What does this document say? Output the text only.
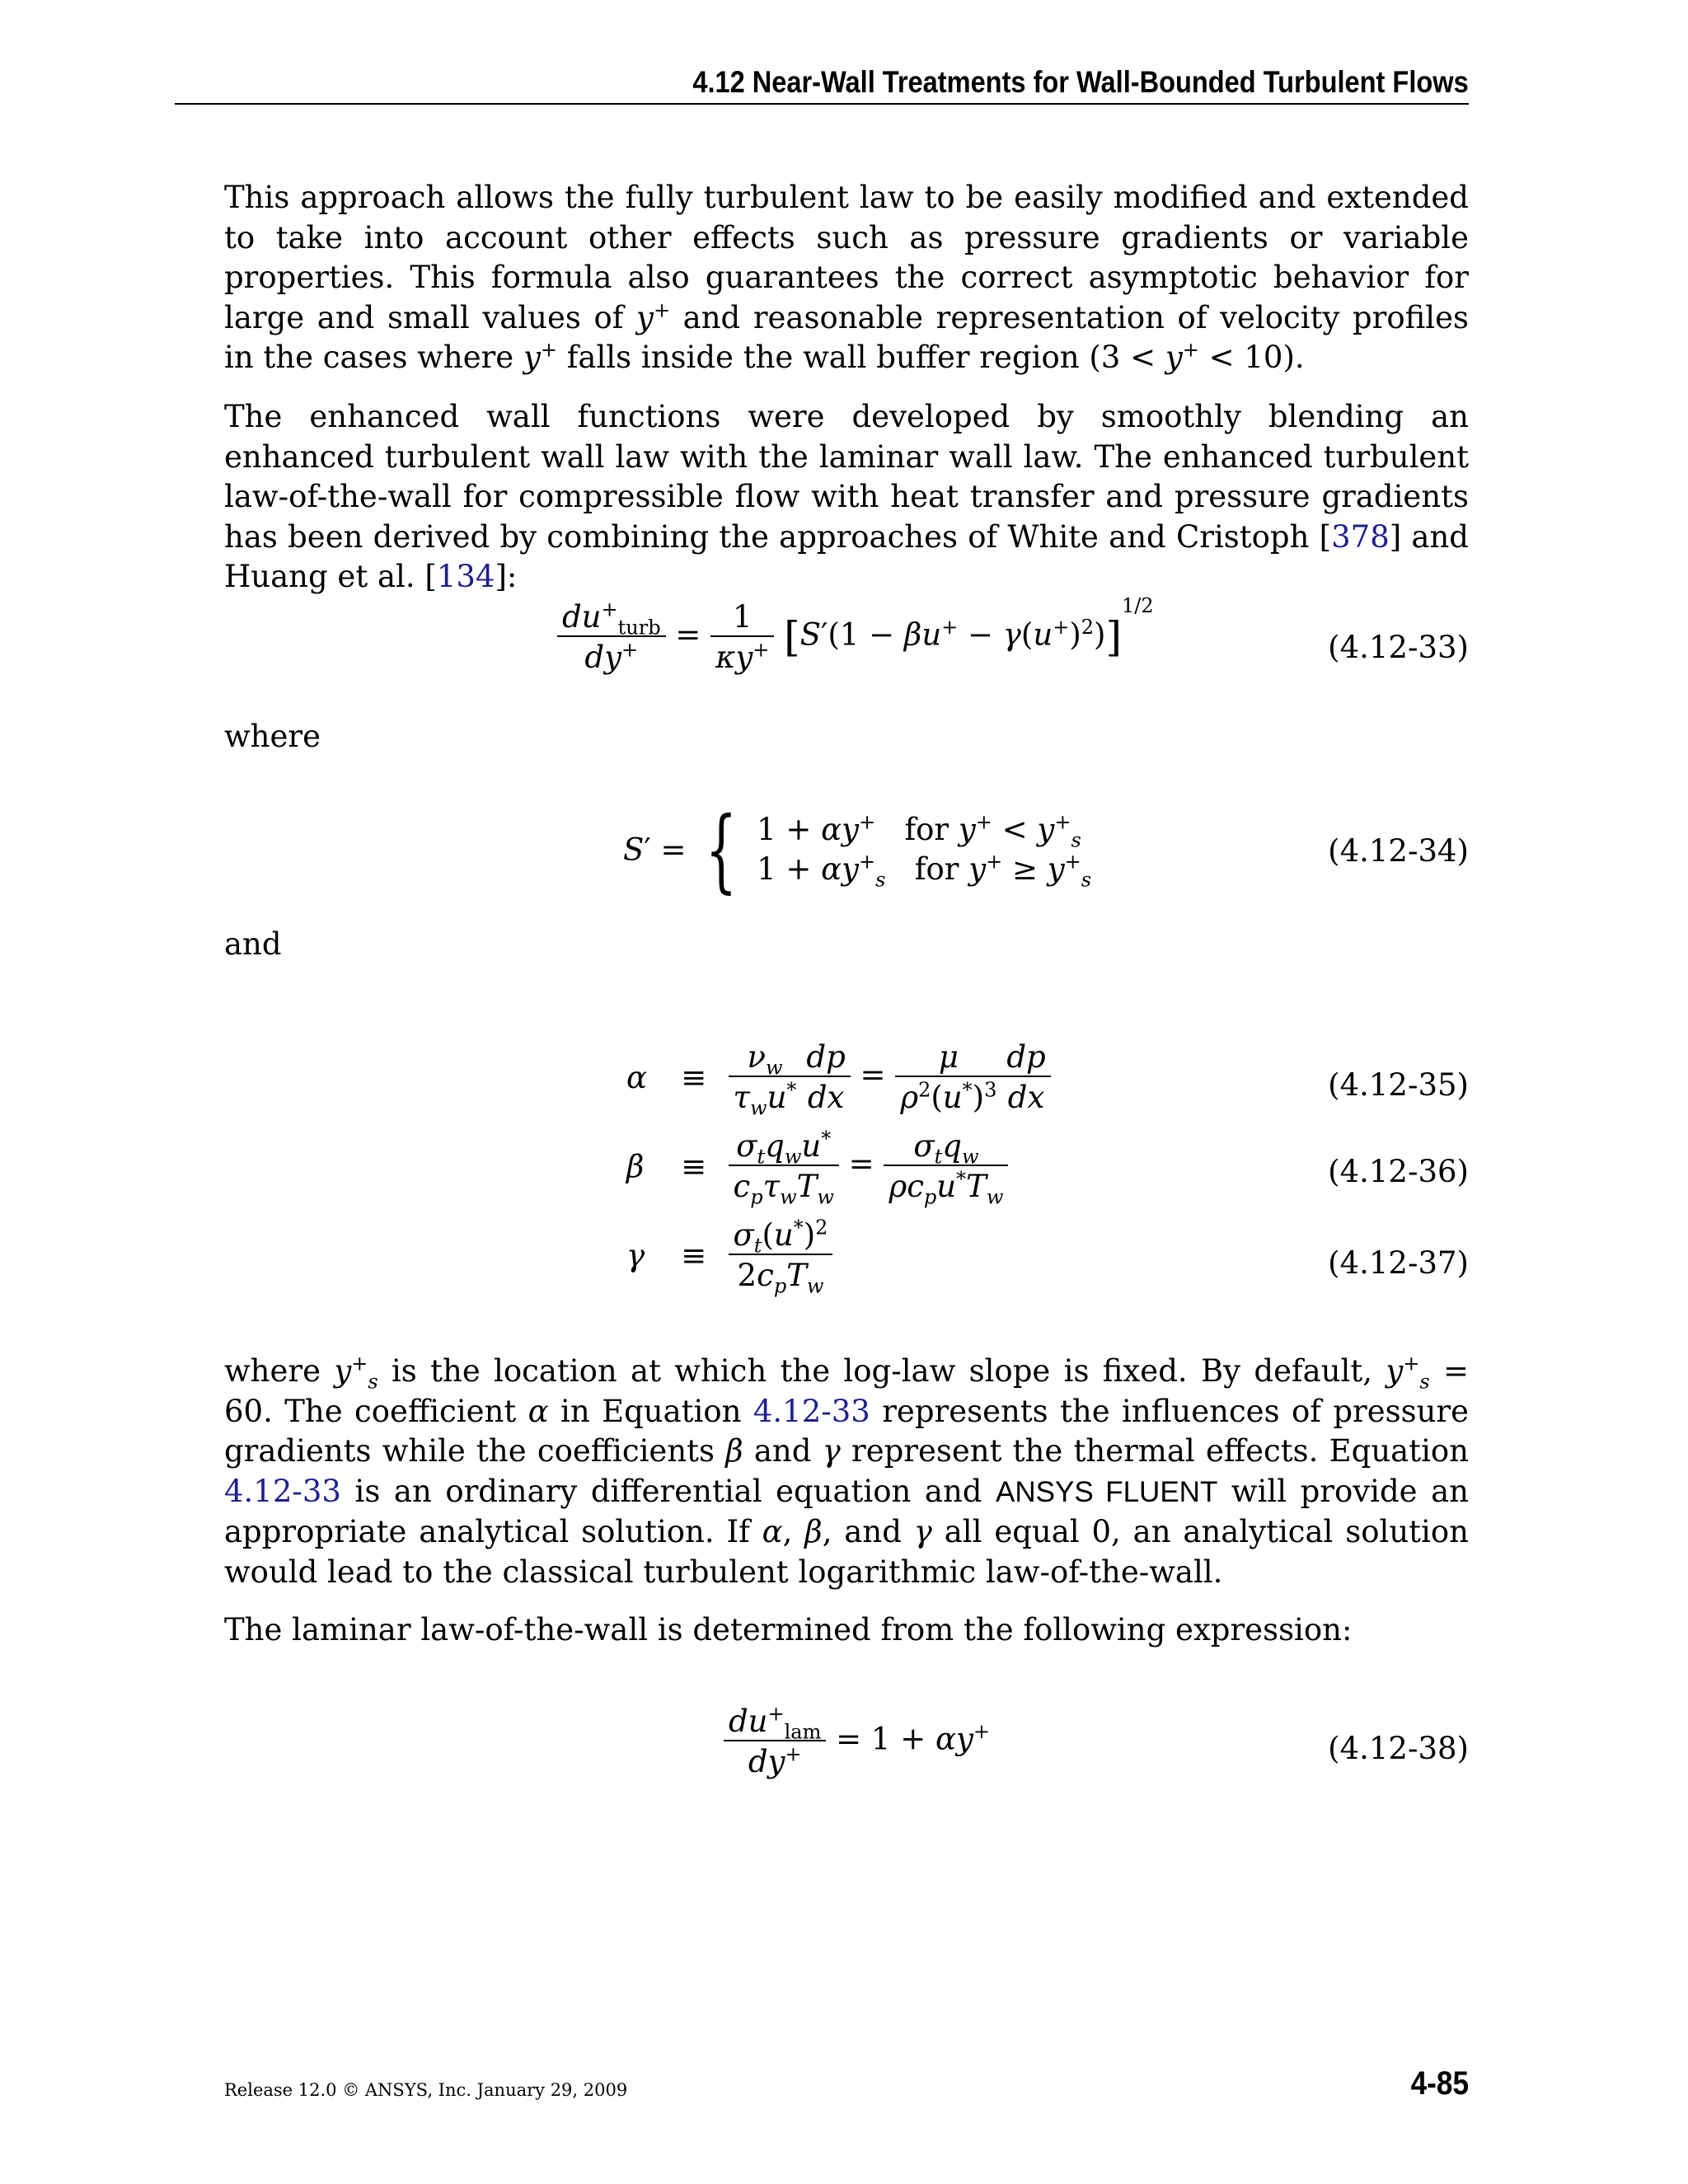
4.12 Near-Wall Treatments for Wall-Bounded Turbulent Flows
This approach allows the fully turbulent law to be easily modified and extended to take into account other effects such as pressure gradients or variable properties. This formula also guarantees the correct asymptotic behavior for large and small values of y+ and reasonable representation of velocity profiles in the cases where y+ falls inside the wall buffer region (3 < y+ < 10).
The enhanced wall functions were developed by smoothly blending an enhanced turbulent wall law with the laminar wall law. The enhanced turbulent law-of-the-wall for compressible flow with heat transfer and pressure gradients has been derived by combining the approaches of White and Cristoph [378] and Huang et al. [134]:
$\frac{du^+_{turb}}{dy^+} = \frac{1}{\kappa y^+} [S'(1 - \beta u^+ - \gamma(u^+)^2)]^{1/2}$
(4.12-33)
where
S′ = { 1 + αy+ for $y^+ < y^+_s$
$1 + \alpha y^+_s$ for $y^+ \ge y^+_s$
(4.12-34)
and
$\alpha \equiv \frac{\nu_w}{\tau_wu^*} \frac{dp}{dx} = \frac{\mu}{\rho^2(u^*)^3} \frac{dp}{dx}$	(4.12-35)
$\beta \equiv \frac{\sigma_tq_wu^*}{c_p\tau_wT_w} = \frac{\sigma_tq_w}{\rho c_pu^*T_w}$	(4.12-36)
$\gamma \equiv \frac{\sigma_t(u^*)^2}{2c_pT_w}$	(4.12-37)
where $y^+_s$ is the location at which the log-law slope is fixed. By default, $y^+_s = 60$. The coefficient α in Equation 4.12-33 represents the influences of pressure gradients while the coefficients β and γ represent the thermal effects. Equation 4.12-33 is an ordinary differential equation and ANSYS FLUENT will provide an appropriate analytical solution. If α, β, and γ all equal 0, an analytical solution would lead to the classical turbulent logarithmic law-of-the-wall.
The laminar law-of-the-wall is determined from the following expression:
$\frac{du^+_{lam}}{dy^+} = 1 + \alpha y^+$	(4.12-38)
Release 12.0 © ANSYS, Inc. January 29, 2009	4-85
